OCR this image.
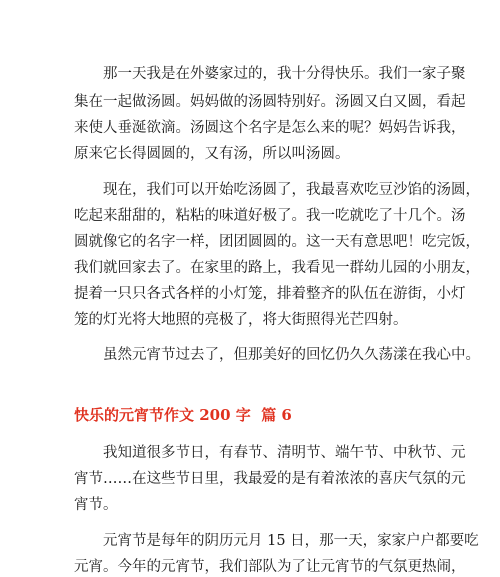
那一天我是在外婆家过的，我十分得快乐。我们一家子聚

集在一起做汤圆。妈妈做的汤圆特别好。汤圆又白又圆，看起

来使人垂涎欲滴。汤圆这个名字是怎么来的呢？妈妈告诉我，

原来它长得圆圆的，又有汤，所以叫汤圆。

现在，我们可以开始吃汤圆了，我最喜欢吃豆沙馅的汤圆，

吃起来甜甜的，粘粘的味道好极了。我一吃就吃了十几个。汤

圆就像它的名字一样，团团圆圆的。这一天有意思吧！吃完饭，

我们就回家去了。在家里的路上，我看见一群幼儿园的小朋友，

提着一只只各式各样的小灯笼，排着整齐的队伍在游街，小灯

笼的灯光将大地照的亮极了，将大街照得光芒四射。

虽然元宵节过去了，但那美好的回忆仍久久荡漾在我心中。

快乐的元宵节作文 200 字  篇 6

我知道很多节日，有春节、清明节、端午节、中秋节、元

宵节……在这些节日里，我最爱的是有着浓浓的喜庆气氛的元

宵节。

元宵节是每年的阴历元月 15 日，那一天，家家户户都要吃

元宵。今年的元宵节，我们部队为了让元宵节的气氛更热闹，
